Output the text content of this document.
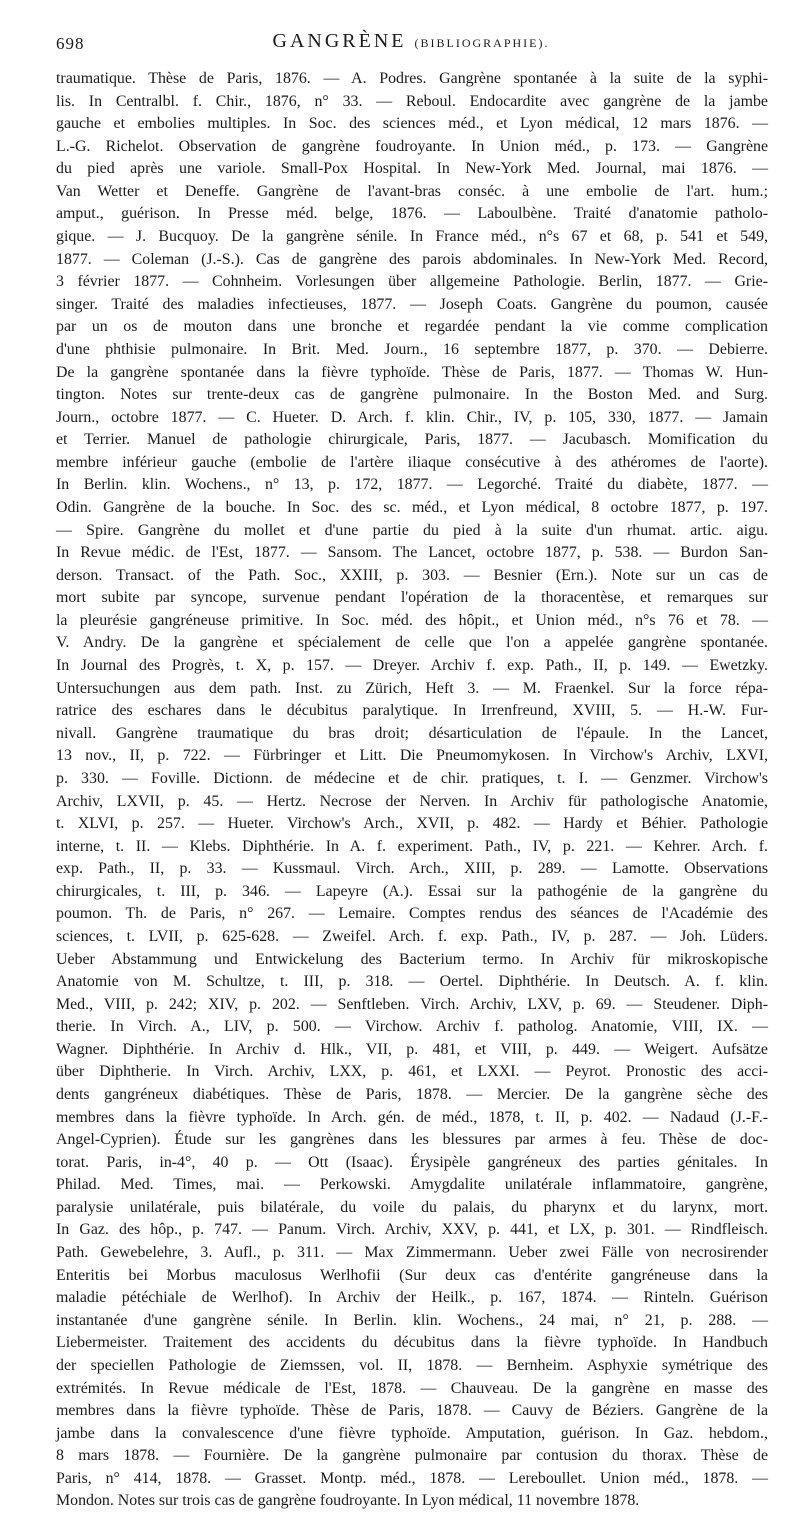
698	GANGRÈNE (BIBLIOGRAPHIE).
traumatique. Thèse de Paris, 1876. — A. Podres. Gangrène spontanée à la suite de la syphi-
lis. In Centralbl. f. Chir., 1876, n° 33. — Reboul. Endocardite avec gangrène de la jambe
gauche et embolies multiples. In Soc. des sciences méd., et Lyon médical, 12 mars 1876. —
L.-G. Richelot. Observation de gangrène foudroyante. In Union méd., p. 173. — Gangrène
du pied après une variole. Small-Pox Hospital. In New-York Med. Journal, mai 1876. —
Van Wetter et Deneffe. Gangrène de l'avant-bras conséc. à une embolie de l'art. hum.;
amput., guérison. In Presse méd. belge, 1876. — Laboulbène. Traité d'anatomie patholo-
gique. — J. Bucquoy. De la gangrène sénile. In France méd., n°s 67 et 68, p. 541 et 549,
1877. — Coleman (J.-S.). Cas de gangrène des parois abdominales. In New-York Med. Record,
3 février 1877. — Cohnheim. Vorlesungen über allgemeine Pathologie. Berlin, 1877. — Grie-
singer. Traité des maladies infectieuses, 1877. — Joseph Coats. Gangrène du poumon, causée
par un os de mouton dans une bronche et regardée pendant la vie comme complication
d'une phthisie pulmonaire. In Brit. Med. Journ., 16 septembre 1877, p. 370. — Debierre.
De la gangrène spontanée dans la fièvre typhoïde. Thèse de Paris, 1877. — Thomas W. Hun-
tington. Notes sur trente-deux cas de gangrène pulmonaire. In the Boston Med. and Surg.
Journ., octobre 1877. — C. Hueter. D. Arch. f. klin. Chir., IV, p. 105, 330, 1877. — Jamain
et Terrier. Manuel de pathologie chirurgicale, Paris, 1877. — Jacubasch. Momification du
membre inférieur gauche (embolie de l'artère iliaque consécutive à des athéromes de l'aorte).
In Berlin. klin. Wochens., n° 13, p. 172, 1877. — Legorché. Traité du diabète, 1877. —
Odin. Gangrène de la bouche. In Soc. des sc. méd., et Lyon médical, 8 octobre 1877, p. 197.
— Spire. Gangrène du mollet et d'une partie du pied à la suite d'un rhumat. artic. aigu.
In Revue médic. de l'Est, 1877. — Sansom. The Lancet, octobre 1877, p. 538. — Burdon San-
derson. Transact. of the Path. Soc., XXIII, p. 303. — Besnier (Ern.). Note sur un cas de
mort subite par syncope, survenue pendant l'opération de la thoracentèse, et remarques sur
la pleurésie gangréneuse primitive. In Soc. méd. des hôpit., et Union méd., n°s 76 et 78. —
V. Andry. De la gangrène et spécialement de celle que l'on a appelée gangrène spontanée.
In Journal des Progrès, t. X, p. 157. — Dreyer. Archiv f. exp. Path., II, p. 149. — Ewetzky.
Untersuchungen aus dem path. Inst. zu Zürich, Heft 3. — M. Fraenkel. Sur la force répa-
ratrice des eschares dans le décubitus paralytique. In Irrenfreund, XVIII, 5. — H.-W. Fur-
nivall. Gangrène traumatique du bras droit; désarticulation de l'épaule. In the Lancet,
13 nov., II, p. 722. — Fürbringer et Litt. Die Pneumomykosen. In Virchow's Archiv, LXVI,
p. 330. — Foville. Dictionn. de médecine et de chir. pratiques, t. I. — Genzmer. Virchow's
Archiv, LXVII, p. 45. — Hertz. Necrose der Nerven. In Archiv für pathologische Anatomie,
t. XLVI, p. 257. — Hueter. Virchow's Arch., XVII, p. 482. — Hardy et Béhier. Pathologie
interne, t. II. — Klebs. Diphthérie. In A. f. experiment. Path., IV, p. 221. — Kehrer. Arch. f.
exp. Path., II, p. 33. — Kussmaul. Virch. Arch., XIII, p. 289. — Lamotte. Observations
chirurgicales, t. III, p. 346. — Lapeyre (A.). Essai sur la pathogénie de la gangrène du
poumon. Th. de Paris, n° 267. — Lemaire. Comptes rendus des séances de l'Académie des
sciences, t. LVII, p. 625-628. — Zweifel. Arch. f. exp. Path., IV, p. 287. — Joh. Lüders.
Ueber Abstammung und Entwickelung des Bacterium termo. In Archiv für mikroskopische
Anatomie von M. Schultze, t. III, p. 318. — Oertel. Diphthérie. In Deutsch. A. f. klin.
Med., VIII, p. 242; XIV, p. 202. — Senftleben. Virch. Archiv, LXV, p. 69. — Steudener. Diph-
therie. In Virch. A., LIV, p. 500. — Virchow. Archiv f. patholog. Anatomie, VIII, IX. —
Wagner. Diphthérie. In Archiv d. Hlk., VII, p. 481, et VIII, p. 449. — Weigert. Aufsätze
über Diphtherie. In Virch. Archiv, LXX, p. 461, et LXXI. — Peyrot. Pronostic des acci-
dents gangréneux diabétiques. Thèse de Paris, 1878. — Mercier. De la gangrène sèche des
membres dans la fièvre typhoïde. In Arch. gén. de méd., 1878, t. II, p. 402. — Nadaud (J.-F.-
Angel-Cyprien). Étude sur les gangrènes dans les blessures par armes à feu. Thèse de doc-
torat. Paris, in-4°, 40 p. — Ott (Isaac). Érysipèle gangréneux des parties génitales. In
Philad. Med. Times, mai. — Perkowski. Amygdalite unilatérale inflammatoire, gangrène,
paralysie unilatérale, puis bilatérale, du voile du palais, du pharynx et du larynx, mort.
In Gaz. des hôp., p. 747. — Panum. Virch. Archiv, XXV, p. 441, et LX, p. 301. — Rindfleisch.
Path. Gewebelehre, 3. Aufl., p. 311. — Max Zimmermann. Ueber zwei Fälle von necrosirender
Enteritis bei Morbus maculosus Werlhofii (Sur deux cas d'entérite gangréneuse dans la
maladie pétéchiale de Werlhof). In Archiv der Heilk., p. 167, 1874. — Rinteln. Guérison
instantanée d'une gangrène sénile. In Berlin. klin. Wochens., 24 mai, n° 21, p. 288. —
Liebermeister. Traitement des accidents du décubitus dans la fièvre typhoïde. In Handbuch
der speciellen Pathologie de Ziemssen, vol. II, 1878. — Bernheim. Asphyxie symétrique des
extrémités. In Revue médicale de l'Est, 1878. — Chauveau. De la gangrène en masse des
membres dans la fièvre typhoïde. Thèse de Paris, 1878. — Cauvy de Béziers. Gangrène de la
jambe dans la convalescence d'une fièvre typhoïde. Amputation, guérison. In Gaz. hebdom.,
8 mars 1878. — Fournière. De la gangrène pulmonaire par contusion du thorax. Thèse de
Paris, n° 414, 1878. — Grasset. Montp. méd., 1878. — Lereboullet. Union méd., 1878. —
Mondon. Notes sur trois cas de gangrène foudroyante. In Lyon médical, 11 novembre 1878.
